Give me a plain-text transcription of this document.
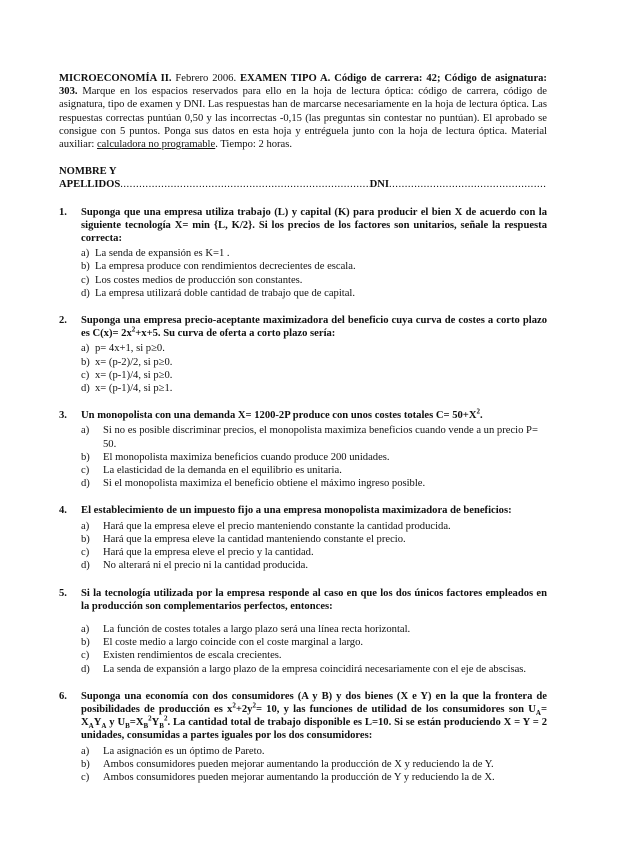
MICROECONOMÍA II. Febrero 2006. EXAMEN TIPO A. Código de carrera: 42; Código de asignatura: 303. Marque en los espacios reservados para ello en la hoja de lectura óptica: código de carrera, código de asignatura, tipo de examen y DNI. Las respuestas han de marcarse necesariamente en la hoja de lectura óptica. Las respuestas correctas puntúan 0,50 y las incorrectas -0,15 (las preguntas sin contestar no puntúan). El aprobado se consigue con 5 puntos. Ponga sus datos en esta hoja y entréguela junto con la hoja de lectura óptica. Material auxiliar: calculadora no programable. Tiempo: 2 horas.
NOMBRE Y
APELLIDOS
.....	DNI
.....
1.	Suponga que una empresa utiliza trabajo (L) y capital (K) para producir el bien X de acuerdo con la siguiente tecnología X= min {L, K/2}. Si los precios de los factores son unitarios, señale la respuesta correcta:
a) La senda de expansión es K=1 .
b) La empresa produce con rendimientos decrecientes de escala.
c) Los costes medios de producción son constantes.
d) La empresa utilizará doble cantidad de trabajo que de capital.
2.	Suponga una empresa precio-aceptante maximizadora del beneficio cuya curva de costes a corto plazo es $C(x)= 2x^2+x+5$. Su curva de oferta a corto plazo sería:
a) p= 4x+1, si p≥0.
b) x= (p-2)/2, si p≥0.
c) x= (p-1)/4, si p≥0.
d) x= (p-1)/4, si p≥1.
3.	Un monopolista con una demanda X= 1200-2P produce con unos costes totales $C= 50+X^2$.
a)	Si no es posible discriminar precios, el monopolista maximiza beneficios cuando vende a un precio P= 50.
b)	El monopolista maximiza beneficios cuando produce 200 unidades.
c)	La elasticidad de la demanda en el equilibrio es unitaria.
d)	Si el monopolista maximiza el beneficio obtiene el máximo ingreso posible.
4.	El establecimiento de un impuesto fijo a una empresa monopolista maximizadora de beneficios:
a)	Hará que la empresa eleve el precio manteniendo constante la cantidad producida.
b)	Hará que la empresa eleve la cantidad manteniendo constante el precio.
c)	Hará que la empresa eleve el precio y la cantidad.
d)	No alterará ni el precio ni la cantidad producida.
5.	Si la tecnología utilizada por la empresa responde al caso en que los dos únicos factores empleados en la producción son complementarios perfectos, entonces:
a)	La función de costes totales a largo plazo será una línea recta horizontal.
b)	El coste medio a largo coincide con el coste marginal a largo.
c)	Existen rendimientos de escala crecientes.
d)	La senda de expansión a largo plazo de la empresa coincidirá necesariamente con el eje de abscisas.
6.	Suponga una economía con dos consumidores (A y B) y dos bienes (X e Y) en la que la frontera de posibilidades de producción es $x^2+2y^2= 10$, y las funciones de utilidad de los consumidores son $U_A= X_AY_A$ y $U_B=X_B^2Y_B^2$. La cantidad total de trabajo disponible es L=10. Si se están produciendo X = Y = 2 unidades, consumidas a partes iguales por los dos consumidores:
a)	La asignación es un óptimo de Pareto.
b)	Ambos consumidores pueden mejorar aumentando la producción de X y reduciendo la de Y.
c)	Ambos consumidores pueden mejorar aumentando la producción de Y y reduciendo la de X.
